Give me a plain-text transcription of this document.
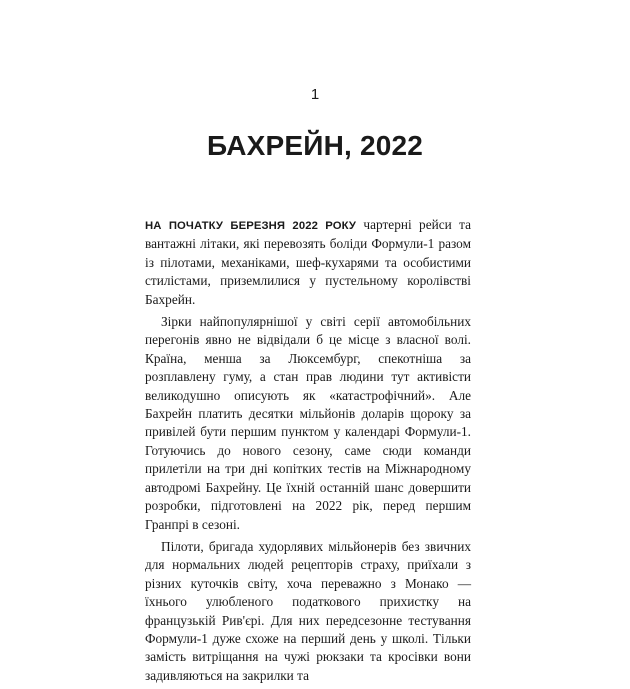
1
БАХРЕЙН, 2022

НА ПОЧАТКУ БЕРЕЗНЯ 2022 РОКУ чартерні рейси та вантажні літаки, які перевозять боліди Формули-1 разом із пілотами, механіками, шеф-кухарями та особистими стилістами, приземлилися у пустельному королівстві Бахрейн.

Зірки найпопулярнішої у світі серії автомобільних перегонів явно не відвідали б це місце з власної волі. Країна, менша за Люксембург, спекотніша за розплавлену гуму, а стан прав людини тут активісти великодушно описують як «катастрофічний». Але Бахрейн платить десятки мільйонів доларів щороку за привілей бути першим пунктом у календарі Формули-1. Готуючись до нового сезону, саме сюди команди прилетіли на три дні копітких тестів на Міжнародному автодромі Бахрейну. Це їхній останній шанс довершити розробки, підготовлені на 2022 рік, перед першим Гранпрі в сезоні.

Пілоти, бригада худорлявих мільйонерів без звичних для нормальних людей рецепторів страху, приїхали з різних куточків світу, хоча переважно з Монако — їхнього улюбленого податкового прихистку на французькій Рив'єрі. Для них передсезонне тестування Формули-1 дуже схоже на перший день у школі. Тільки замість витріщання на чужі рюкзаки та кросівки вони задивляються на закрилки та
